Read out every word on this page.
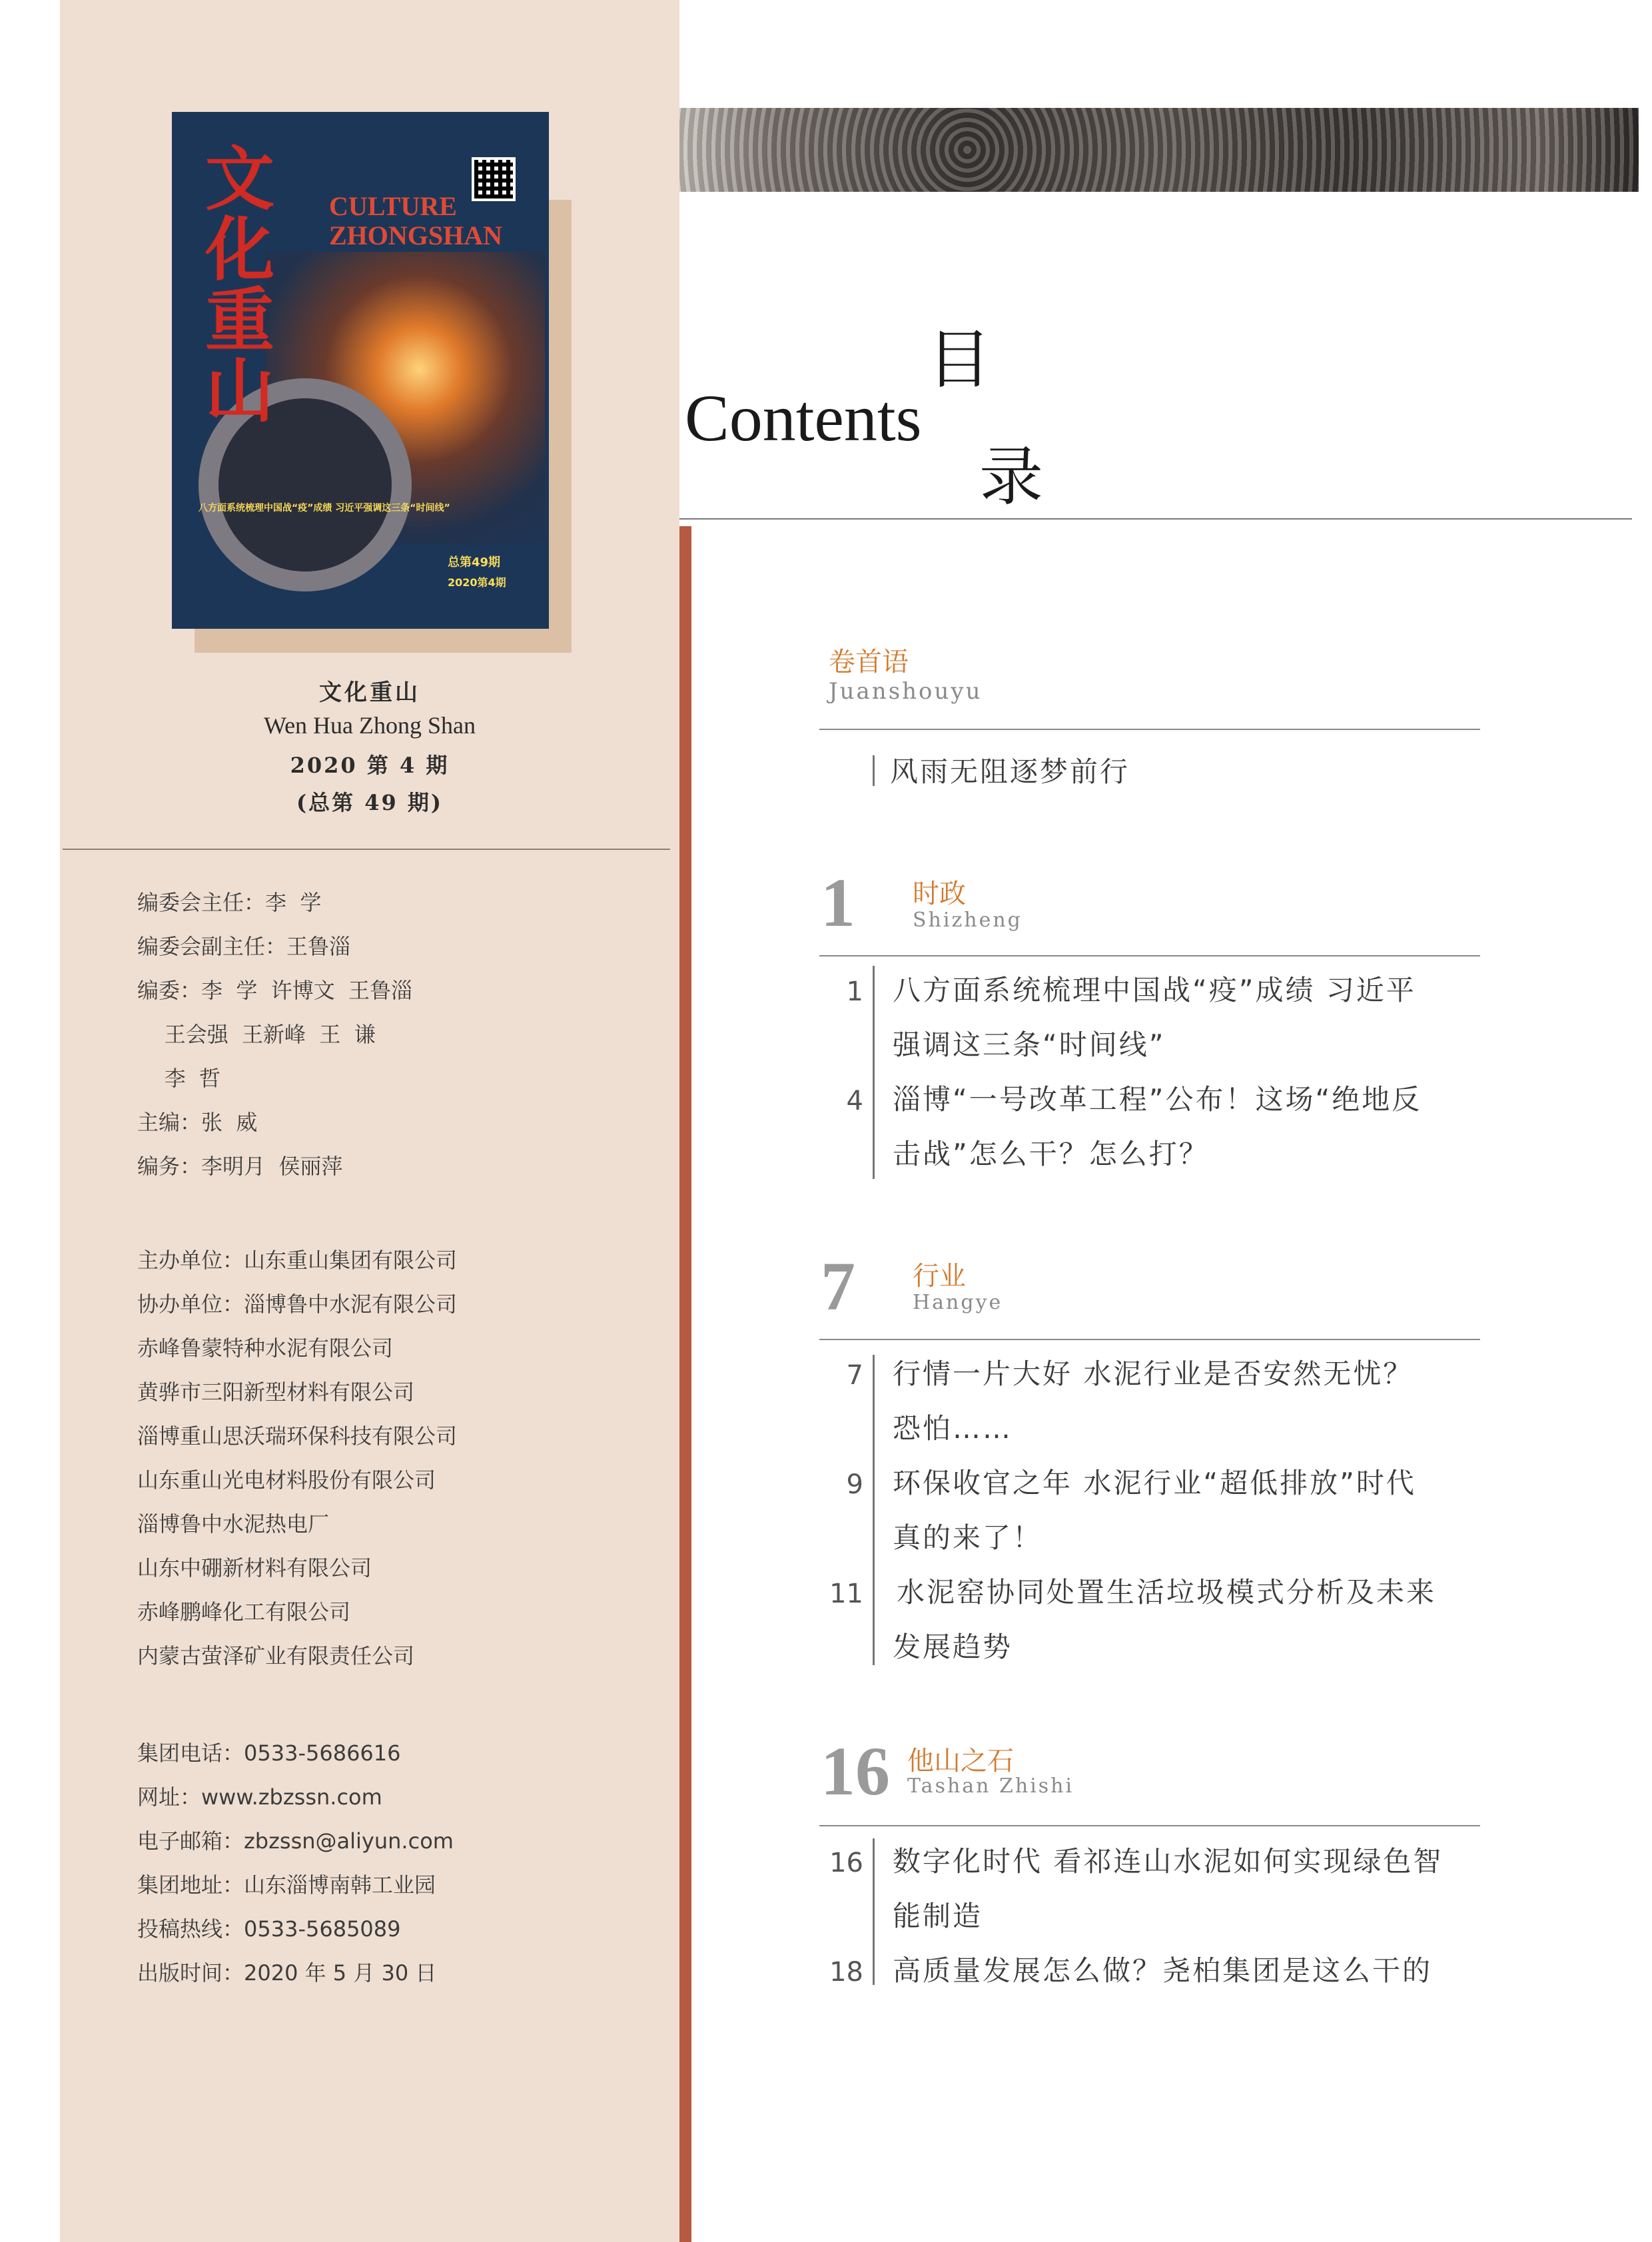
文化重山
CULTURE ZHONGSHAN
八方面系统梳理中国战“疫”成绩 习近平强调这三条“时间线”
总第49期
2020第4期
文化重山
Wen Hua Zhong Shan
2020 第 4 期
(总第 49 期)
编委会主任：李  学
编委会副主任：王鲁淄
编委：李  学  许博文  王鲁淄
王会强  王新峰  王  谦
李  哲
主编：张  威
编务：李明月  侯丽萍
主办单位：山东重山集团有限公司
协办单位：淄博鲁中水泥有限公司
赤峰鲁蒙特种水泥有限公司
黄骅市三阳新型材料有限公司
淄博重山思沃瑞环保科技有限公司
山东重山光电材料股份有限公司
淄博鲁中水泥热电厂
山东中硼新材料有限公司
赤峰鹏峰化工有限公司
内蒙古萤泽矿业有限责任公司
集团电话：0533-5686616
网址：www.zbzssn.com
电子邮箱：zbzssn@aliyun.com
集团地址：山东淄博南韩工业园
投稿热线：0533-5685089
出版时间：2020 年 5 月 30 日
Contents
目
录
卷首语
Juanshouyu
风雨无阻逐梦前行
1 时政
Shizheng
1 八方面系统梳理中国战“疫”成绩 习近平
强调这三条“时间线”
4 淄博“一号改革工程”公布！这场“绝地反
击战”怎么干？怎么打？
7 行业
Hangye
7 行情一片大好 水泥行业是否安然无忧？
恐怕……
9 环保收官之年 水泥行业“超低排放”时代
真的来了！
11 水泥窑协同处置生活垃圾模式分析及未来
发展趋势
16 他山之石
Tashan Zhishi
16 数字化时代 看祁连山水泥如何实现绿色智
能制造
18 高质量发展怎么做？尧柏集团是这么干的
